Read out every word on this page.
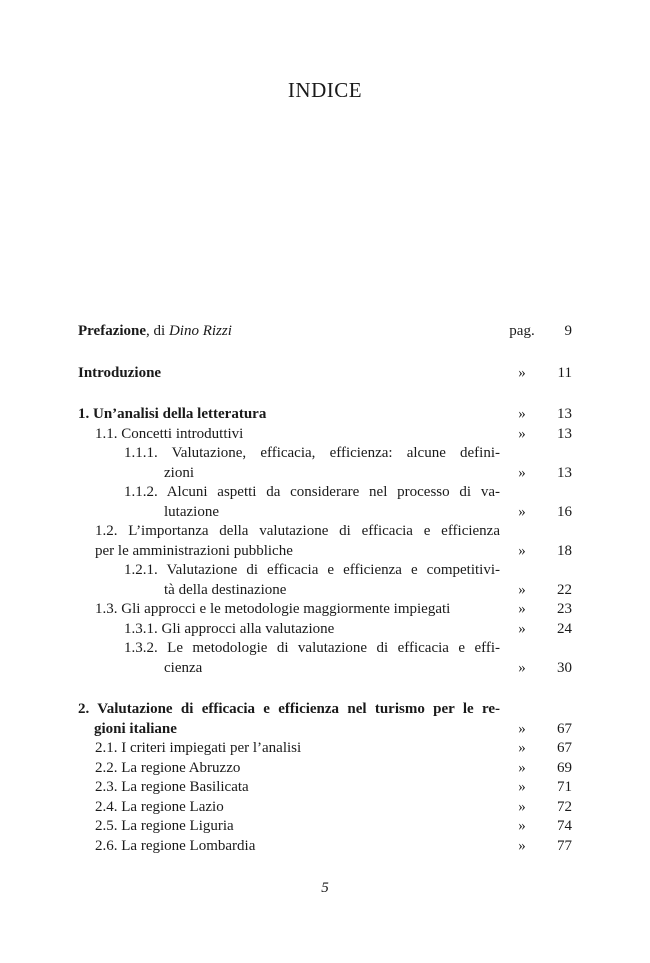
INDICE
Prefazione, di Dino Rizzi	pag.	9
Introduzione	»	11
1. Un’analisi della letteratura	»	13
1.1. Concetti introduttivi	»	13
1.1.1. Valutazione, efficacia, efficienza: alcune defini-
zioni	»	13
1.1.2. Alcuni aspetti da considerare nel processo di va-
lutazione	»	16
1.2. L’importanza della valutazione di efficacia e efficienza
per le amministrazioni pubbliche	»	18
1.2.1. Valutazione di efficacia e efficienza e competitivi-
tà della destinazione	»	22
1.3. Gli approcci e le metodologie maggiormente impiegati	»	23
1.3.1. Gli approcci alla valutazione	»	24
1.3.2. Le metodologie di valutazione di efficacia e effi-
cienza	»	30
2. Valutazione di efficacia e efficienza nel turismo per le re-
gioni italiane	»	67
2.1. I criteri impiegati per l’analisi	»	67
2.2. La regione Abruzzo	»	69
2.3. La regione Basilicata	»	71
2.4. La regione Lazio	»	72
2.5. La regione Liguria	»	74
2.6. La regione Lombardia	»	77
5
